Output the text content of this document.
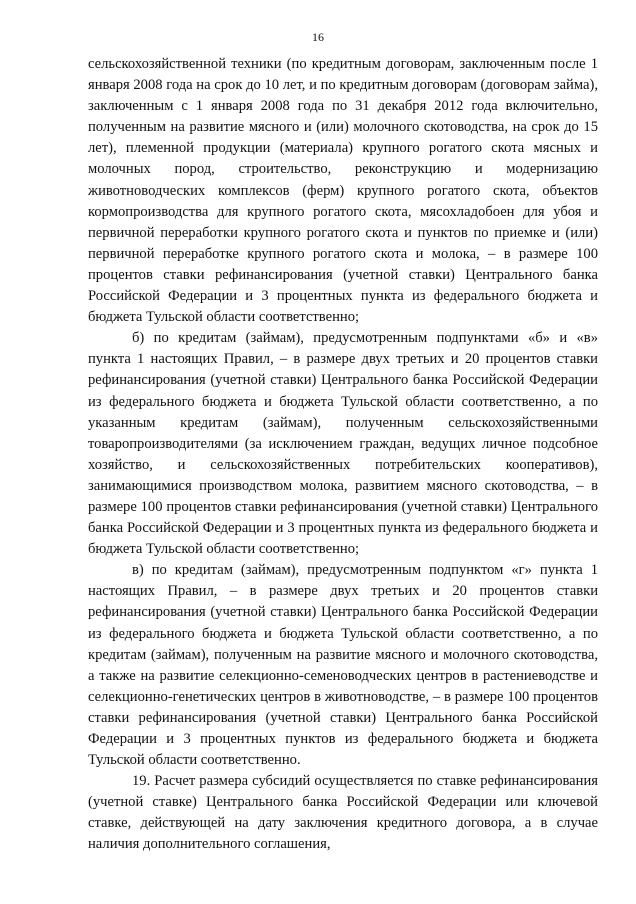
16

сельскохозяйственной техники (по кредитным договорам, заключенным после 1 января 2008 года на срок до 10 лет, и по кредитным договорам (договорам займа), заключенным с 1 января 2008 года по 31 декабря 2012 года включительно, полученным на развитие мясного и (или) молочного скотоводства, на срок до 15 лет), племенной продукции (материала) крупного рогатого скота мясных и молочных пород, строительство, реконструкцию и модернизацию животноводческих комплексов (ферм) крупного рогатого скота, объектов кормопроизводства для крупного рогатого скота, мясохладобоен для убоя и первичной переработки крупного рогатого скота и пунктов по приемке и (или) первичной переработке крупного рогатого скота и молока, – в размере 100 процентов ставки рефинансирования (учетной ставки) Центрального банка Российской Федерации и 3 процентных пункта из федерального бюджета и бюджета Тульской области соответственно;

б) по кредитам (займам), предусмотренным подпунктами «б» и «в» пункта 1 настоящих Правил, – в размере двух третьих и 20 процентов ставки рефинансирования (учетной ставки) Центрального банка Российской Федерации из федерального бюджета и бюджета Тульской области соответственно, а по указанным кредитам (займам), полученным сельскохозяйственными товаропроизводителями (за исключением граждан, ведущих личное подсобное хозяйство, и сельскохозяйственных потребительских кооперативов), занимающимися производством молока, развитием мясного скотоводства, – в размере 100 процентов ставки рефинансирования (учетной ставки) Центрального банка Российской Федерации и 3 процентных пункта из федерального бюджета и бюджета Тульской области соответственно;

в) по кредитам (займам), предусмотренным подпунктом «г» пункта 1 настоящих Правил, – в размере двух третьих и 20 процентов ставки рефинансирования (учетной ставки) Центрального банка Российской Федерации из федерального бюджета и бюджета Тульской области соответственно, а по кредитам (займам), полученным на развитие мясного и молочного скотоводства, а также на развитие селекционно-семеноводческих центров в растениеводстве и селекционно-генетических центров в животноводстве, – в размере 100 процентов ставки рефинансирования (учетной ставки) Центрального банка Российской Федерации и 3 процентных пунктов из федерального бюджета и бюджета Тульской области соответственно.

19. Расчет размера субсидий осуществляется по ставке рефинансирования (учетной ставке) Центрального банка Российской Федерации или ключевой ставке, действующей на дату заключения кредитного договора, а в случае наличия дополнительного соглашения,
